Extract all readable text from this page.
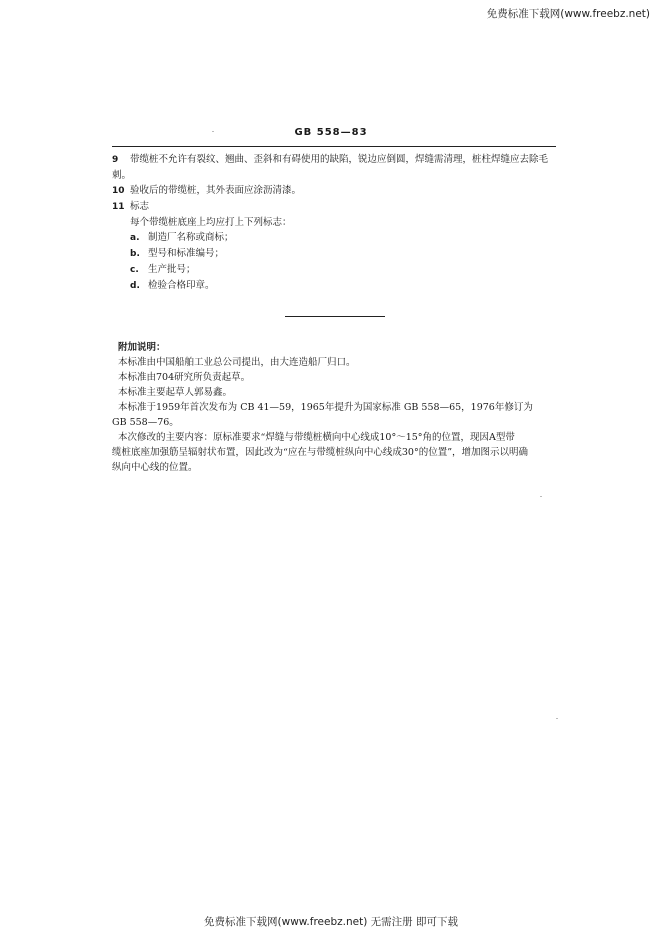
免费标准下载网(www.freebz.net)
GB 558—83
9 带缆桩不允许有裂纹、翘曲、歪斜和有碍使用的缺陷，锐边应倒圆，焊缝需清理，桩柱焊缝应去除毛
刺。
10 验收后的带缆桩，其外表面应涂沥清漆。
11 标志
每个带缆桩底座上均应打上下列标志：
a. 制造厂名称或商标；
b. 型号和标准编号；
c. 生产批号；
d. 检验合格印章。
附加说明：
本标准由中国船舶工业总公司提出，由大连造船厂归口。
本标准由704研究所负责起草。
本标准主要起草人郭易鑫。
本标准于1959年首次发布为 CB 41—59，1965年提升为国家标准 GB 558—65，1976年修订为
GB 558—76。
本次修改的主要内容：原标准要求“焊缝与带缆桩横向中心线成10°～15°角的位置，现因A型带
缆桩底座加强筋呈辐射状布置，因此改为“应在与带缆桩纵向中心线成30°的位置”，增加图示以明确
纵向中心线的位置。
免费标准下载网(www.freebz.net) 无需注册 即可下载
